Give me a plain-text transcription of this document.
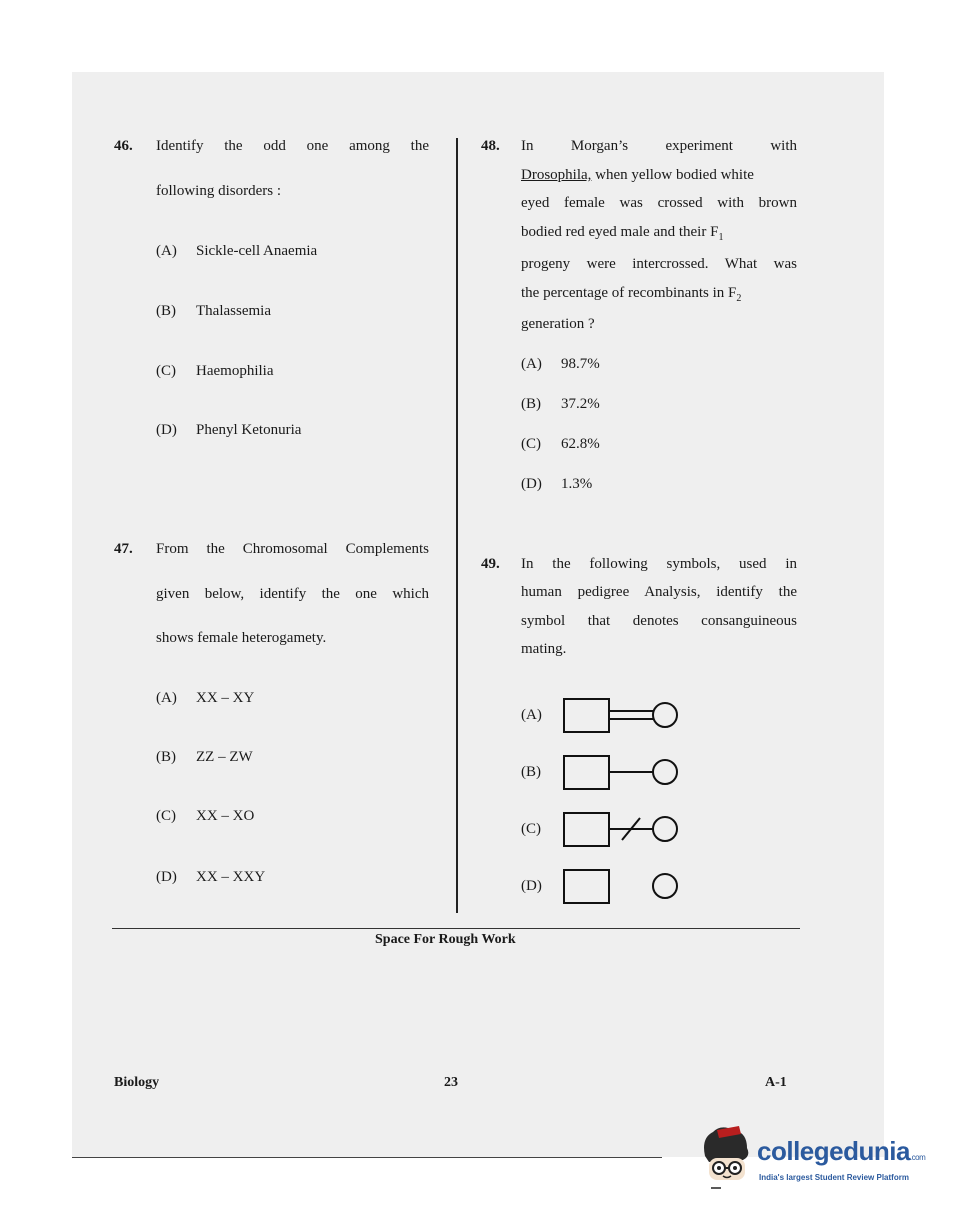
46. Identify the odd one among the
following disorders :
(A) Sickle-cell Anaemia
(B) Thalassemia
(C) Haemophilia
(D) Phenyl Ketonuria
47. From the Chromosomal Complements
given below, identify the one which
shows female heterogamety.
(A) XX – XY
(B) ZZ – ZW
(C) XX – XO
(D) XX – XXY
48. In Morgan’s experiment with
Drosophila, when yellow bodied white
eyed female was crossed with brown
bodied red eyed male and their $F_1$
progeny were intercrossed. What was
the percentage of recombinants in $F_2$
generation ?
(A) 98.7%
(B) 37.2%
(C) 62.8%
(D) 1.3%
49. In the following symbols, used in
human pedigree Analysis, identify the
symbol that denotes consanguineous
mating.
(A)
(B)
(C)
(D)
Space For Rough Work
Biology	23	A-1
collegedunia.com
India's largest Student Review Platform
